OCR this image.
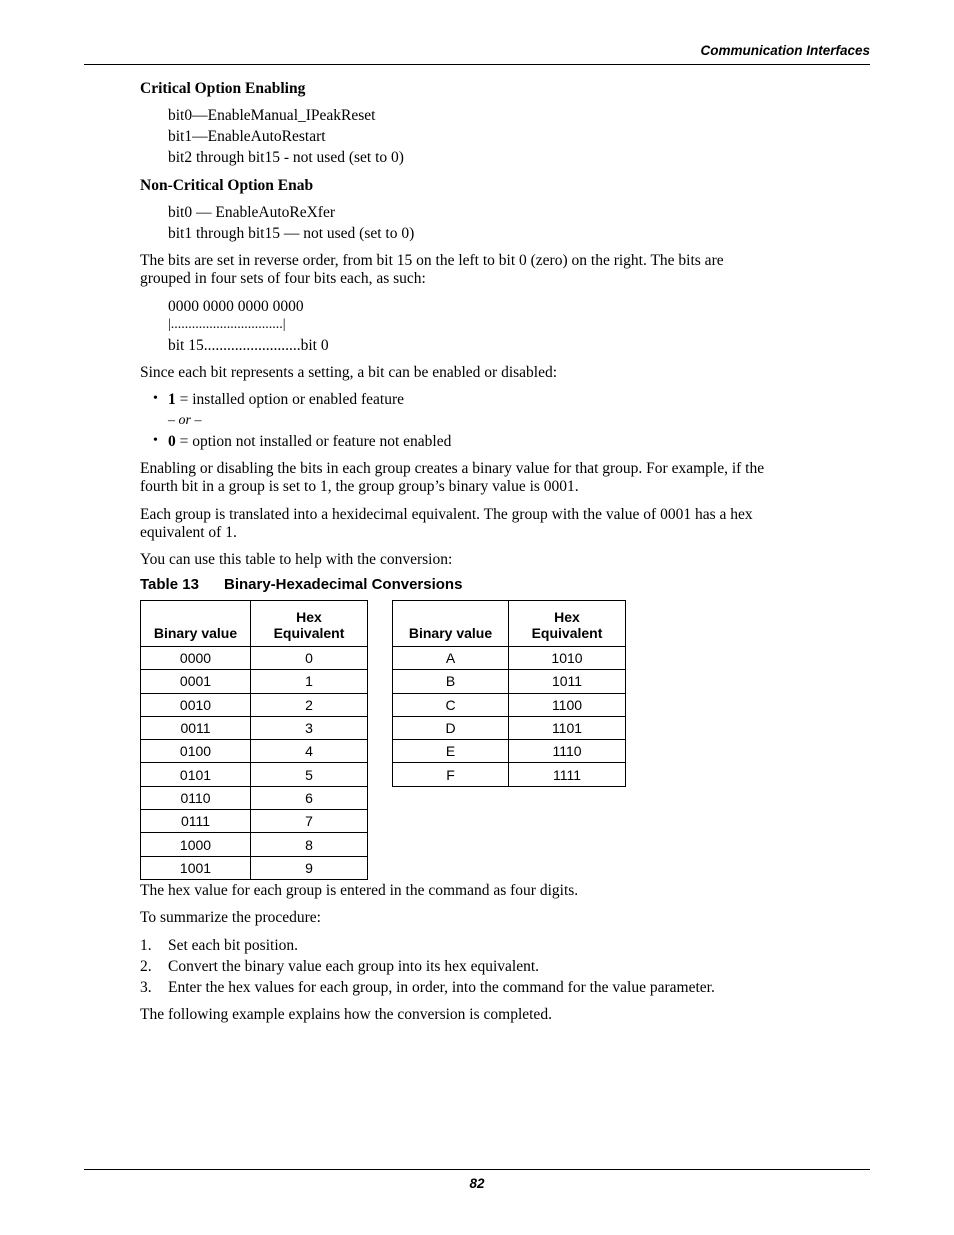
Communication Interfaces
Critical Option Enabling
bit0—EnableManual_IPeakReset
bit1—EnableAutoRestart
bit2 through bit15 - not used (set to 0)
Non-Critical Option Enab
bit0 — EnableAutoReXfer
bit1 through bit15 — not used (set to 0)
The bits are set in reverse order, from bit 15 on the left to bit 0 (zero) on the right. The bits are
grouped in four sets of four bits each, as such:
0000 0000 0000 0000
|................................|
bit 15.........................bit 0
Since each bit represents a setting, a bit can be enabled or disabled:
• 1 = installed option or enabled feature
– or –
• 0 = option not installed or feature not enabled
Enabling or disabling the bits in each group creates a binary value for that group. For example, if the
fourth bit in a group is set to 1, the group group’s binary value is 0001.
Each group is translated into a hexidecimal equivalent. The group with the value of 0001 has a hex
equivalent of 1.
You can use this table to help with the conversion:
Table 13 Binary-Hexadecimal Conversions
Binary value	Hex
Equivalent
0000	0
0001	1
0010	2
0011	3
0100	4
0101	5
0110	6
0111	7
1000	8
1001	9
Binary value	Hex
Equivalent
A	1010
B	1011
C	1100
D	1101
E	1110
F	1111
The hex value for each group is entered in the command as four digits.
To summarize the procedure:
1. Set each bit position.
2. Convert the binary value each group into its hex equivalent.
3. Enter the hex values for each group, in order, into the command for the value parameter.
The following example explains how the conversion is completed.
82
